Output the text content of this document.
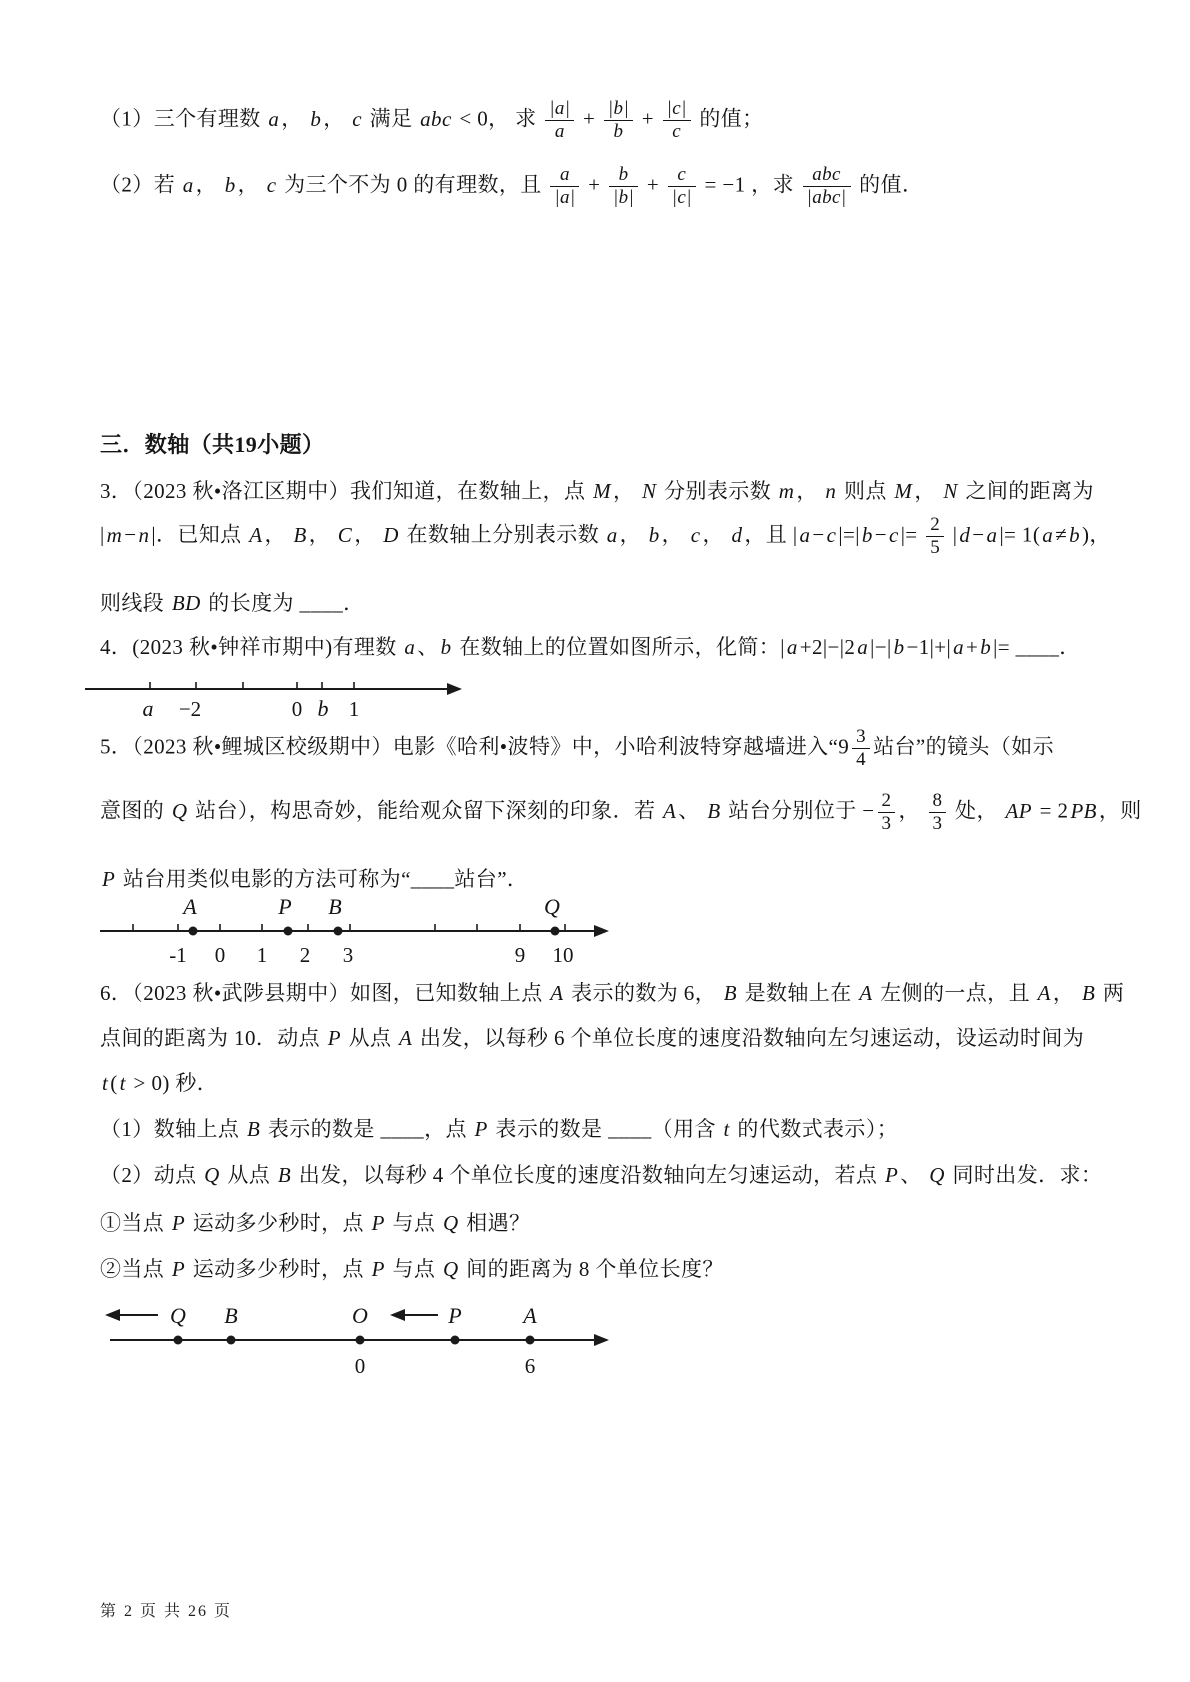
（1）三个有理数 a， b， c 满足 abc < 0， 求 $\frac{|a|}{a} + \frac{|b|}{b} + \frac{|c|}{c}$ 的值；
（2）若 a， b， c 为三个不为 0 的有理数，且 $\frac{a}{|a|} + \frac{b}{|b|} + \frac{c}{|c|} = -1$ ，求 $\frac{\text{abc}}{\text{|abc|}}$ 的值．
三．数轴（共19小题）
3．（2023 秋•洛江区期中）我们知道，在数轴上，点 M， N 分别表示数 m， n 则点 M， N 之间的距离为
|m−n|．已知点 A， B， C， D 在数轴上分别表示数 a， b， c， d，且 $|a-c|=|b-c|= \frac{2}{5} |d-a|= 1(a\ne b)$，
则线段 BD 的长度为 ____．
4．(2023 秋•钟祥市期中)有理数 a、b 在数轴上的位置如图所示，化简：|a+2|−|2a|−|b−1|+|a+b|= ____．
a −2	0 b 1
5．（2023 秋•鲤城区校级期中）电影《哈利•波特》中，小哈利波特穿越墙进入“$9 \frac{3}{4}$ 站台”的镜头（如示
意图的 Q 站台），构思奇妙，能给观众留下深刻的印象．若 A、 B 站台分别位于 − $\frac{2}{3}$ ， $\frac{8}{3}$ 处， AP = 2PB，则
P 站台用类似电影的方法可称为“____站台”．
A	P B	Q
-1 0 1 2 3	9 10
6．（2023 秋•武陟县期中）如图，已知数轴上点 A 表示的数为 6， B 是数轴上在 A 左侧的一点，且 A， B 两
点间的距离为 10．动点 P 从点 A 出发，以每秒 6 个单位长度的速度沿数轴向左匀速运动，设运动时间为
t(t > 0) 秒．
（1）数轴上点 B 表示的数是 ____，点 P 表示的数是 ____（用含 t 的代数式表示）；
（2）动点 Q 从点 B 出发，以每秒 4 个单位长度的速度沿数轴向左匀速运动，若点 P、 Q 同时出发．求：
①当点 P 运动多少秒时，点 P 与点 Q 相遇？
②当点 P 运动多少秒时，点 P 与点 Q 间的距离为 8 个单位长度？
Q B	O	P	A
0	6
第 2 页 共 26 页
